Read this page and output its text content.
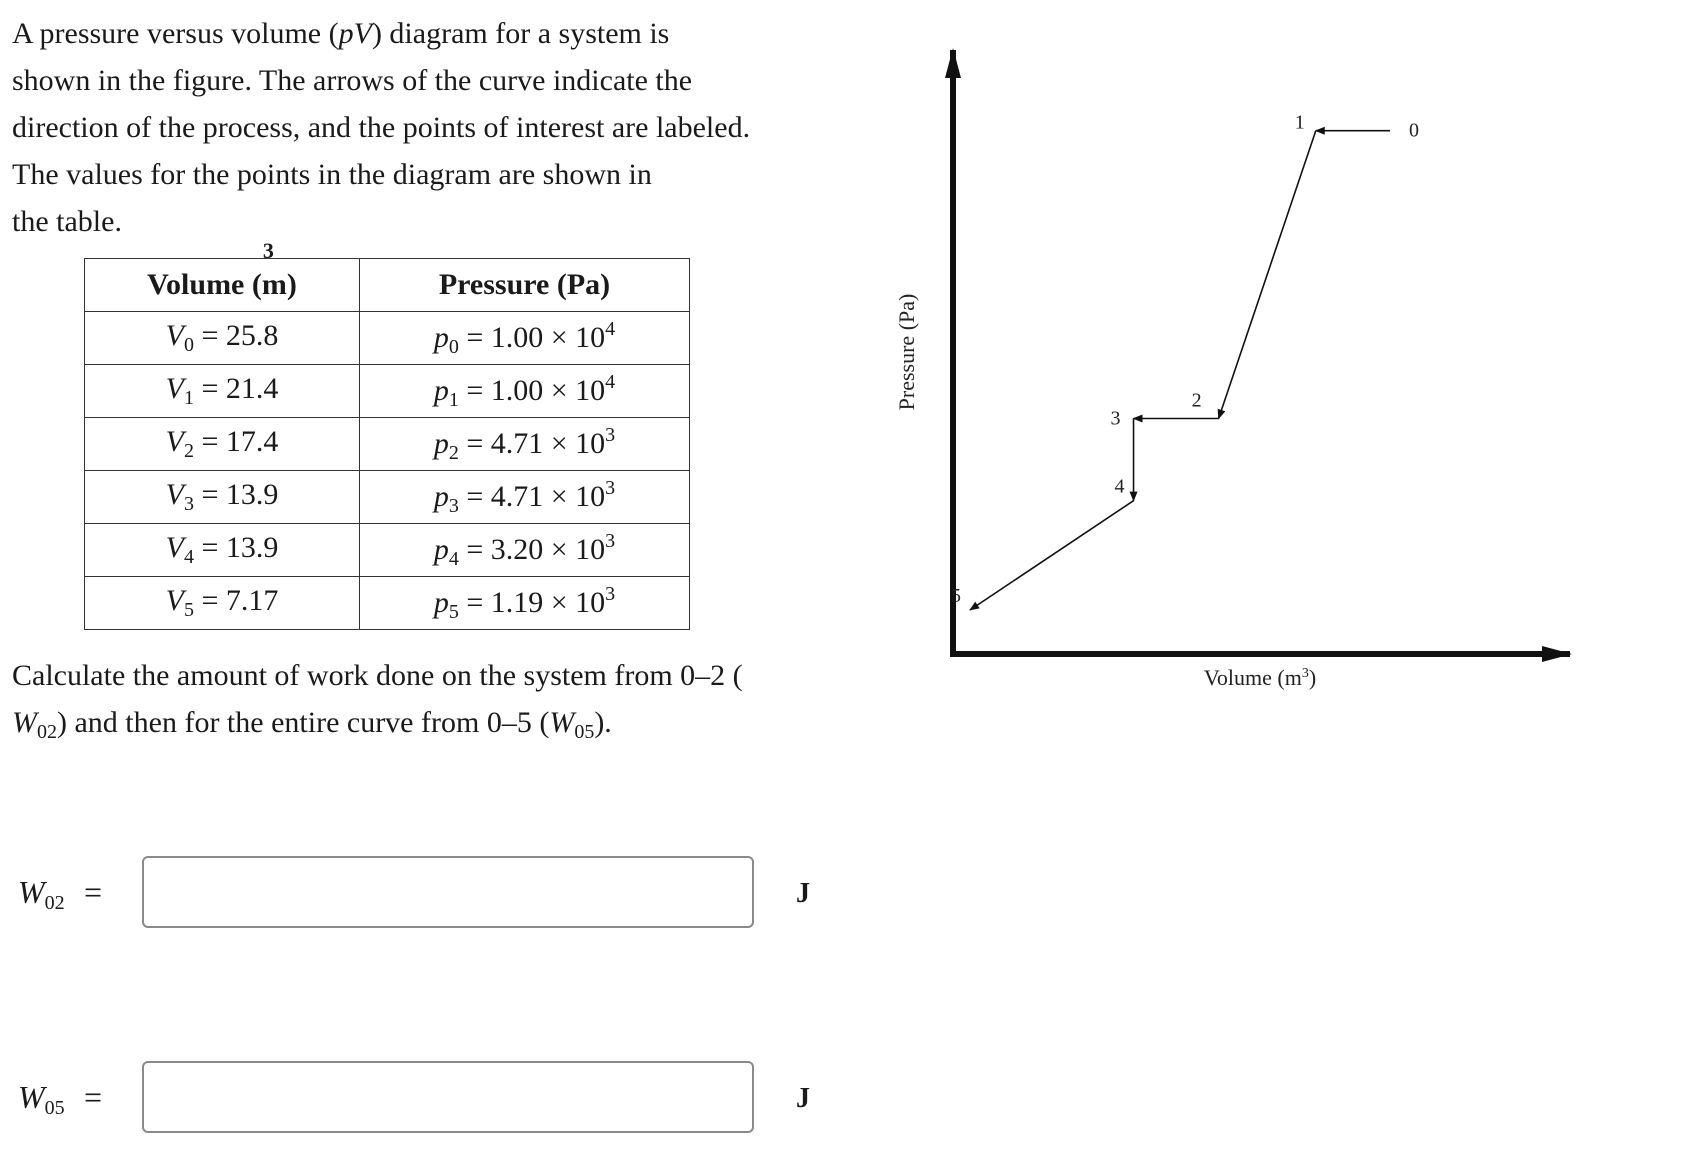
A pressure versus volume (pV) diagram for a system is
shown in the figure. The arrows of the curve indicate the
direction of the process, and the points of interest are labeled.
The values for the points in the diagram are shown in
the table.
Volume (m
3
)	Pressure (Pa)
$V_0 = 25.8$	$p_0 = 1.00 \times 10^4$
$V_1 = 21.4$	$p_1 = 1.00 \times 10^4$
$V_2 = 17.4$	$p_2 = 4.71 \times 10^3$
$V_3 = 13.9$	$p_3 = 4.71 \times 10^3$
$V_4 = 13.9$	$p_4 = 3.20 \times 10^3$
$V_5 = 7.17$	$p_5 = 1.19 \times 10^3$
Calculate the amount of work done on the system from 0–2 (
$W_{02}$) and then for the entire curve from 0–5 $(W_{05})$.
$W_{02}$ =	J
$W_{05}$ =	J
Pressure (Pa)
Volume $(m^3)$
0
1
2
3
4
5
